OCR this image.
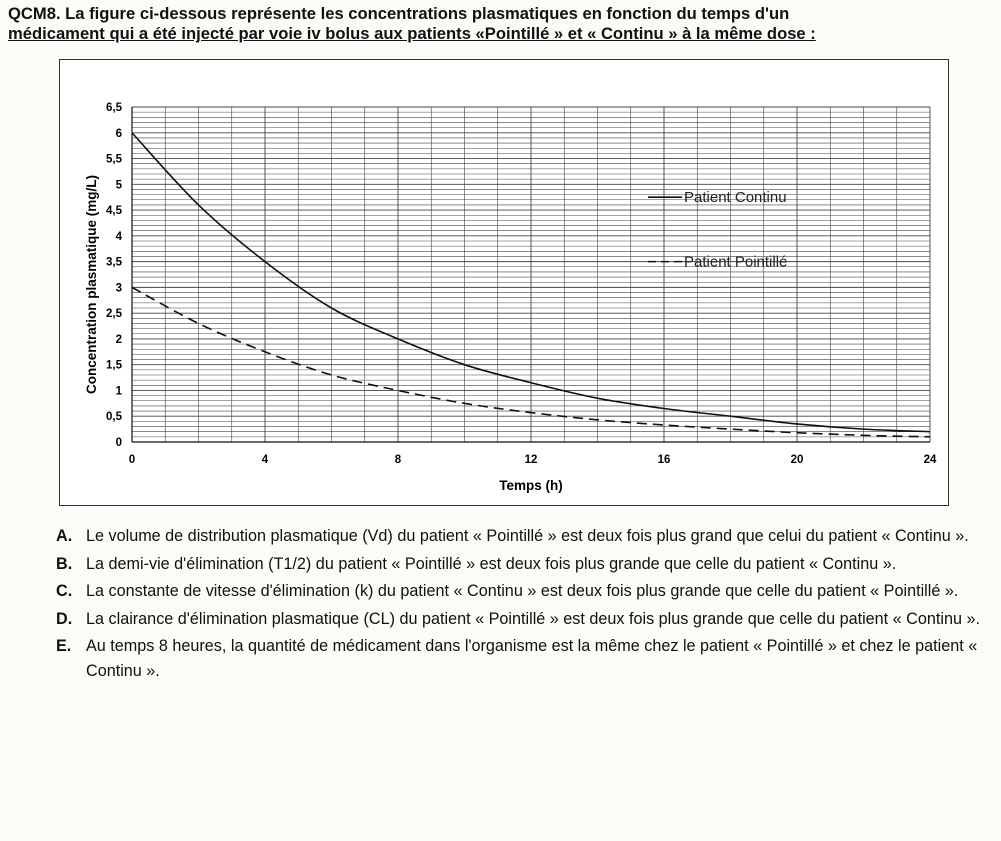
QCM8. La figure ci-dessous représente les concentrations plasmatiques en fonction du temps d'un
médicament qui a été injecté par voie iv bolus aux patients «Pointillé » et « Continu » à la même dose :
0
0,5
1
1,5
2
2,5
3
3,5
4
4,5
5
5,5
6
6,5
0	4	8	12	16	20	24
Temps (h)
Concentration plasmatique (mg/L)	Patient Continu
Patient Pointillé
A. Le volume de distribution plasmatique (Vd) du patient « Pointillé » est deux fois plus grand que celui du patient « Continu ».
B. La demi-vie d'élimination (T1/2) du patient « Pointillé » est deux fois plus grande que celle du patient « Continu ».
C. La constante de vitesse d'élimination (k) du patient « Continu » est deux fois plus grande que celle du patient « Pointillé ».
D. La clairance d'élimination plasmatique (CL) du patient « Pointillé » est deux fois plus grande que celle du patient « Continu ».
E. Au temps 8 heures, la quantité de médicament dans l'organisme est la même chez le patient « Pointillé » et chez le patient « Continu ».
